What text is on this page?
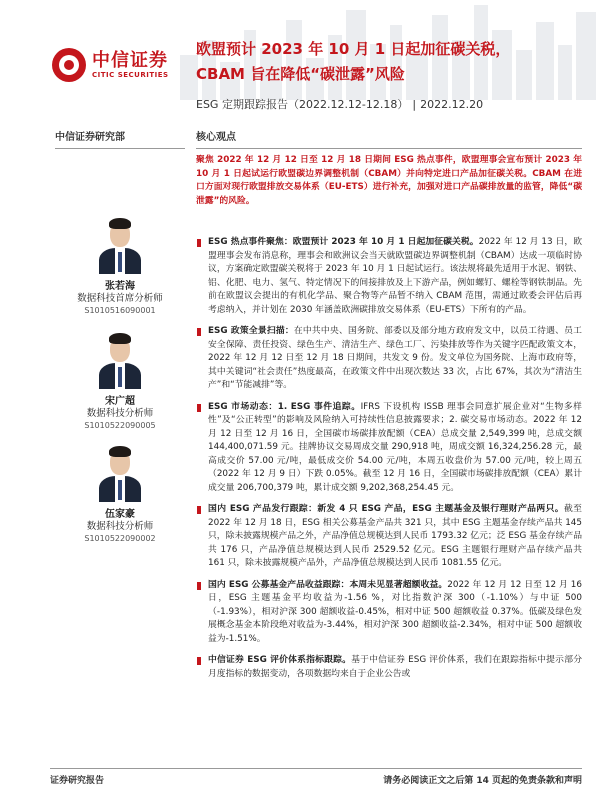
中信证券
CITIC SECURITIES
欧盟预计 2023 年 10 月 1 日起加征碳关税，
CBAM 旨在降低“碳泄露”风险
ESG 定期跟踪报告（2022.12.12-12.18） | 2022.12.20
中信证券研究部
张若海
数据科技首席分析师
S1010516090001
宋广超
数据科技分析师
S1010522090005
伍家豪
数据科技分析师
S1010522090002
核心观点
聚焦 2022 年 12 月 12 日至 12 月 18 日期间 ESG 热点事件，欧盟理事会宣布预计 2023 年 10 月 1 日起试运行欧盟碳边界调整机制（CBAM）并向特定进口产品加征碳关税。CBAM 在进口方面对现行欧盟排放交易体系（EU-ETS）进行补充，加强对进口产品碳排放量的监管，降低“碳泄露”的风险。
ESG 热点事件聚焦：欧盟预计 2023 年 10 月 1 日起加征碳关税。2022 年 12 月 13 日，欧盟理事会发布消息称，理事会和欧洲议会当天就欧盟碳边界调整机制（CBAM）达成一项临时协议，方案确定欧盟碳关税将于 2023 年 10 月 1 日起试运行。该法规将最先适用于水泥、钢铁、铝、化肥、电力、氢气、特定情况下的间接排放及上下游产品，例如螺钉、螺栓等钢铁制品。先前在欧盟议会提出的有机化学品、聚合物等产品暂不纳入 CBAM 范围，需通过欧委会评估后再考虑纳入，并计划在 2030 年涵盖欧洲碳排放交易体系（EU-ETS）下所有的产品。
ESG 政策全景扫描：在中共中央、国务院、部委以及部分地方政府发文中，以员工待遇、员工安全保障、责任投资、绿色生产、清洁生产、绿色工厂、污染排放等作为关键字匹配政策文本，2022 年 12 月 12 日至 12 月 18 日期间，共发文 9 份。发文单位为国务院、上海市政府等，其中关键词“社会责任”热度最高，在政策文件中出现次数达 33 次，占比 67%，其次为“清洁生产”和“节能减排”等。
ESG 市场动态：1. ESG 事件追踪。IFRS 下设机构 ISSB 理事会同意扩展企业对“生物多样性”及“公正转型”的影响及风险纳入可持续性信息披露要求；2. 碳交易市场动态。2022 年 12 月 12 日至 12 月 16 日，全国碳市场碳排放配额（CEA）总成交量 2,549,399 吨，总成交额 144,400,071.59 元。挂牌协议交易周成交量 290,918 吨，周成交额 16,324,256.28 元，最高成交价 57.00 元/吨，最低成交价 54.00 元/吨，本周五收盘价为 57.00 元/吨，较上周五（2022 年 12 月 9 日）下跌 0.05%。截至 12 月 16 日，全国碳市场碳排放配额（CEA）累计成交量 206,700,379 吨，累计成交额 9,202,368,254.45 元。
国内 ESG 产品发行跟踪：新发 4 只 ESG 产品，ESG 主题基金及银行理财产品两只。截至 2022 年 12 月 18 日，ESG 相关公募基金产品共 321 只，其中 ESG 主题基金存续产品共 145 只，除未披露规模产品之外，产品净值总规模达到人民币 1793.32 亿元；泛 ESG 基金存续产品共 176 只，产品净值总规模达到人民币 2529.52 亿元。ESG 主题银行理财产品存续产品共 161 只，除未披露规模产品外，产品净值总规模达到人民币 1081.55 亿元。
国内 ESG 公募基金产品收益跟踪：本周未见显著超额收益。2022 年 12 月 12 日至 12 月 16 日，ESG 主题基金平均收益为-1.56 %，对比指数沪深 300（-1.10%）与中证 500（-1.93%），相对沪深 300 超额收益-0.45%，相对中证 500 超额收益 0.37%。低碳及绿色发展概念基金本阶段绝对收益为-3.44%，相对沪深 300 超额收益-2.34%，相对中证 500 超额收益为-1.51%。
中信证券 ESG 评价体系指标跟踪。基于中信证券 ESG 评价体系，我们在跟踪指标中提示部分月度指标的数据变动，各项数据均来自于企业公告或
证券研究报告	请务必阅读正文之后第 14 页起的免责条款和声明
